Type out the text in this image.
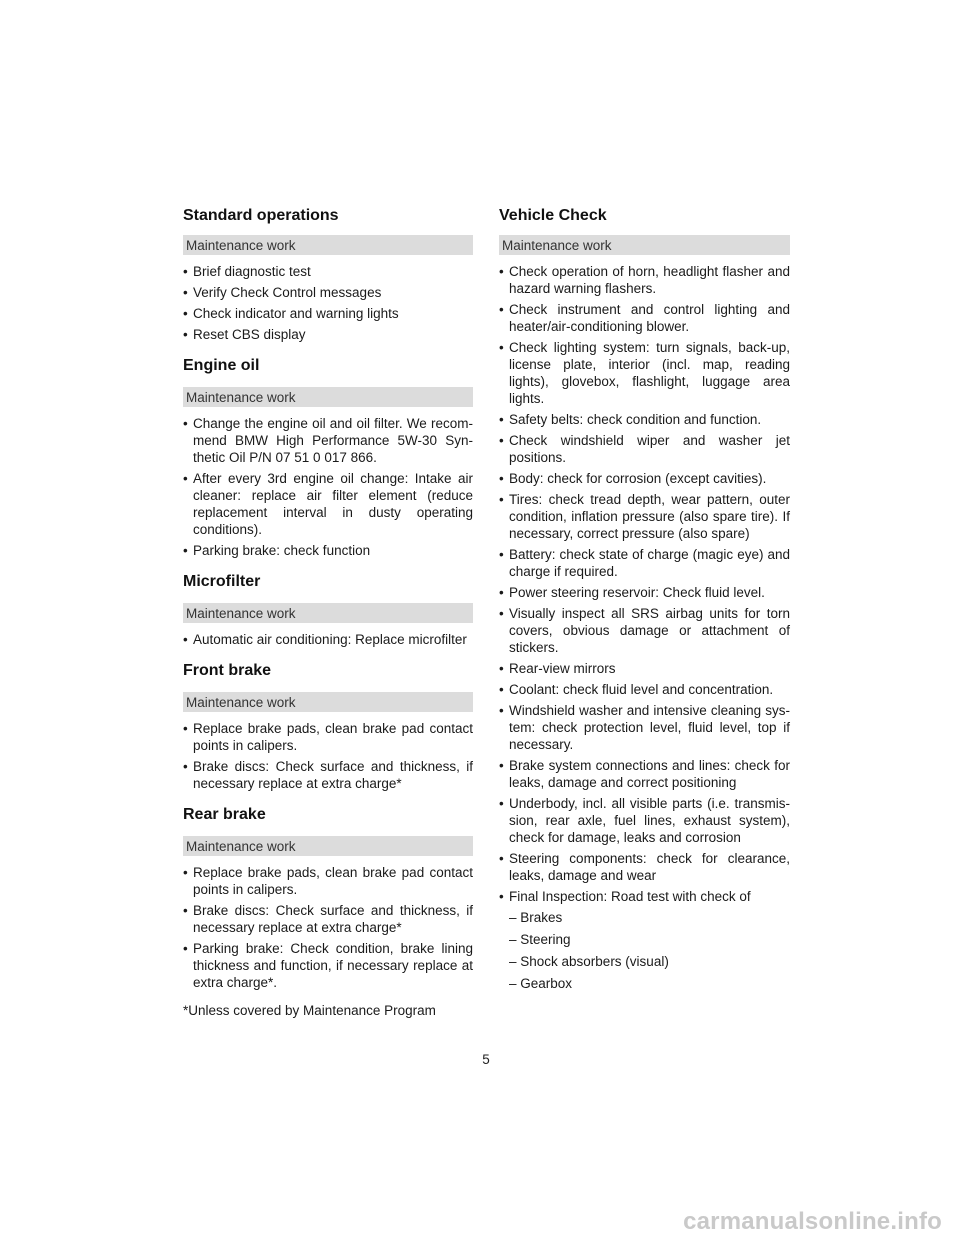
Standard operations
Maintenance work
• Brief diagnostic test
• Verify Check Control messages
• Check indicator and warning lights
• Reset CBS display
Engine oil
Maintenance work
• Change the engine oil and oil filter. We recom-mend BMW High Performance 5W-30 Syn-thetic Oil P/N 07 51 0 017 866.
• After every 3rd engine oil change: Intake air cleaner: replace air filter element (reduce replacement interval in dusty operating conditions).
• Parking brake: check function
Microfilter
Maintenance work
• Automatic air conditioning: Replace microfilter
Front brake
Maintenance work
• Replace brake pads, clean brake pad contact points in calipers.
• Brake discs: Check surface and thickness, if necessary replace at extra charge*
Rear brake
Maintenance work
• Replace brake pads, clean brake pad contact points in calipers.
• Brake discs: Check surface and thickness, if necessary replace at extra charge*
• Parking brake: Check condition, brake lining thickness and function, if necessary replace at extra charge*.
*Unless covered by Maintenance Program
Vehicle Check
Maintenance work
• Check operation of horn, headlight flasher and hazard warning flashers.
• Check instrument and control lighting and heater/air-conditioning blower.
• Check lighting system: turn signals, back-up, license plate, interior (incl. map, reading lights), glovebox, flashlight, luggage area lights.
• Safety belts: check condition and function.
• Check windshield wiper and washer jet positions.
• Body: check for corrosion (except cavities).
• Tires: check tread depth, wear pattern, outer condition, inflation pressure (also spare tire). If necessary, correct pressure (also spare)
• Battery: check state of charge (magic eye) and charge if required.
• Power steering reservoir: Check fluid level.
• Visually inspect all SRS airbag units for torn covers, obvious damage or attachment of stickers.
• Rear-view mirrors
• Coolant: check fluid level and concentration.
• Windshield washer and intensive cleaning sys-tem: check protection level, fluid level, top if necessary.
• Brake system connections and lines: check for leaks, damage and correct positioning
• Underbody, incl. all visible parts (i.e. transmis-sion, rear axle, fuel lines, exhaust system), check for damage, leaks and corrosion
• Steering components: check for clearance, leaks, damage and wear
• Final Inspection: Road test with check of
– Brakes
– Steering
– Shock absorbers (visual)
– Gearbox
5
carmanualsonline.info
